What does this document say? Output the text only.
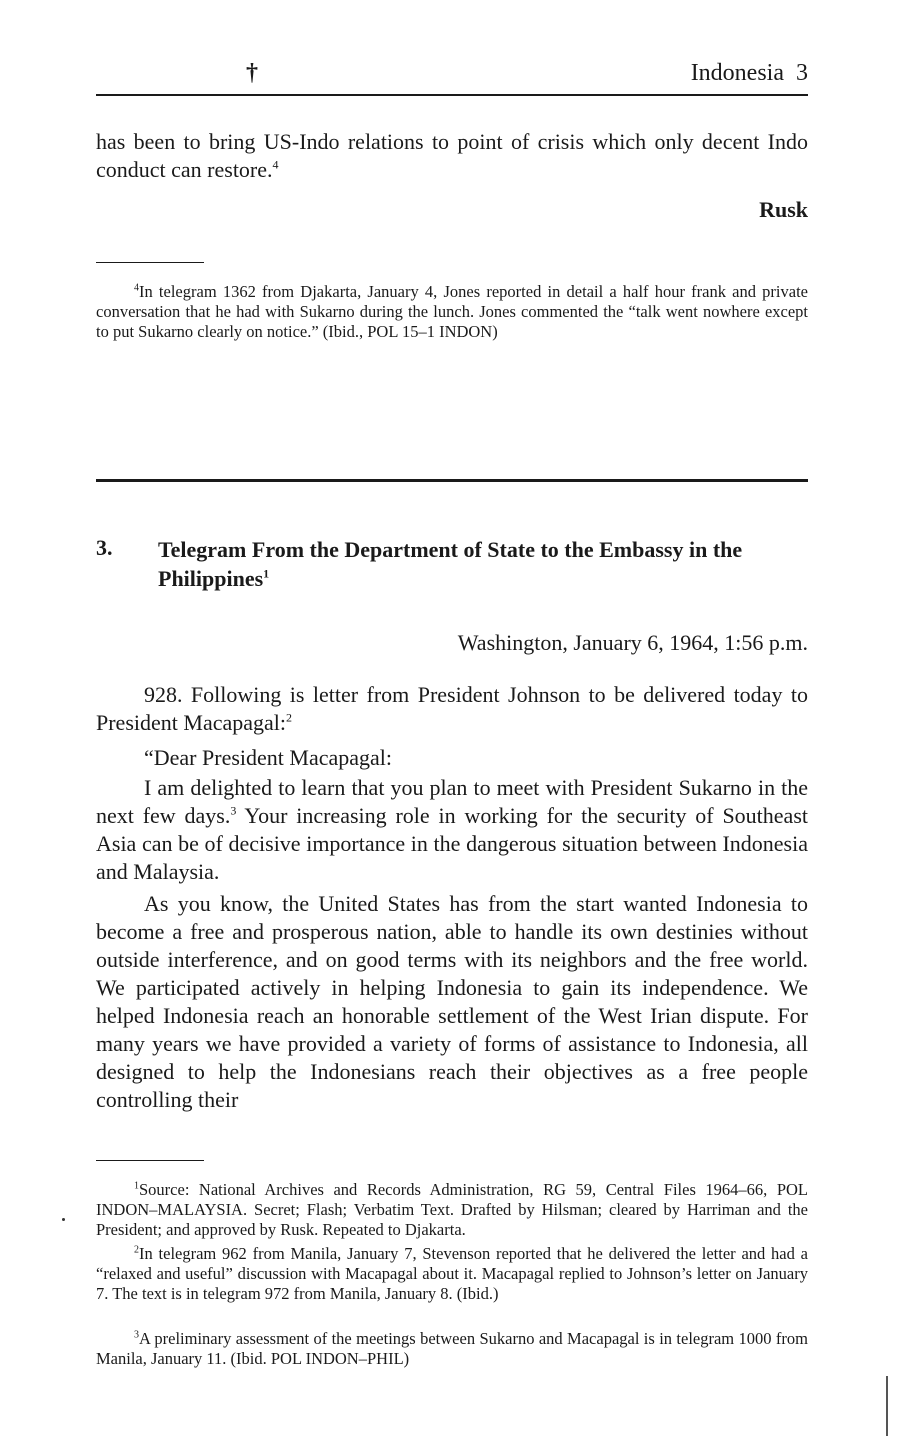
†	Indonesia 3

has been to bring US-Indo relations to point of crisis which only decent Indo conduct can restore.$^4$

Rusk

$^4$In telegram 1362 from Djakarta, January 4, Jones reported in detail a half hour frank and private conversation that he had with Sukarno during the lunch. Jones commented the “talk went nowhere except to put Sukarno clearly on notice.” (Ibid., POL 15–1 INDON)

3. Telegram From the Department of State to the Embassy in the Philippines$^1$

Washington, January 6, 1964, 1:56 p.m.

928. Following is letter from President Johnson to be delivered today to President Macapagal:$^2$

“Dear President Macapagal:

I am delighted to learn that you plan to meet with President Sukarno in the next few days.$^3$ Your increasing role in working for the security of Southeast Asia can be of decisive importance in the dangerous situation between Indonesia and Malaysia.

As you know, the United States has from the start wanted Indonesia to become a free and prosperous nation, able to handle its own destinies without outside interference, and on good terms with its neighbors and the free world. We participated actively in helping Indonesia to gain its independence. We helped Indonesia reach an honorable settlement of the West Irian dispute. For many years we have provided a variety of forms of assistance to Indonesia, all designed to help the Indonesians reach their objectives as a free people controlling their

$^1$Source: National Archives and Records Administration, RG 59, Central Files 1964–66, POL INDON–MALAYSIA. Secret; Flash; Verbatim Text. Drafted by Hilsman; cleared by Harriman and the President; and approved by Rusk. Repeated to Djakarta.

$^2$In telegram 962 from Manila, January 7, Stevenson reported that he delivered the letter and had a “relaxed and useful” discussion with Macapagal about it. Macapagal replied to Johnson’s letter on January 7. The text is in telegram 972 from Manila, January 8. (Ibid.)

$^3$A preliminary assessment of the meetings between Sukarno and Macapagal is in telegram 1000 from Manila, January 11. (Ibid. POL INDON–PHIL)
